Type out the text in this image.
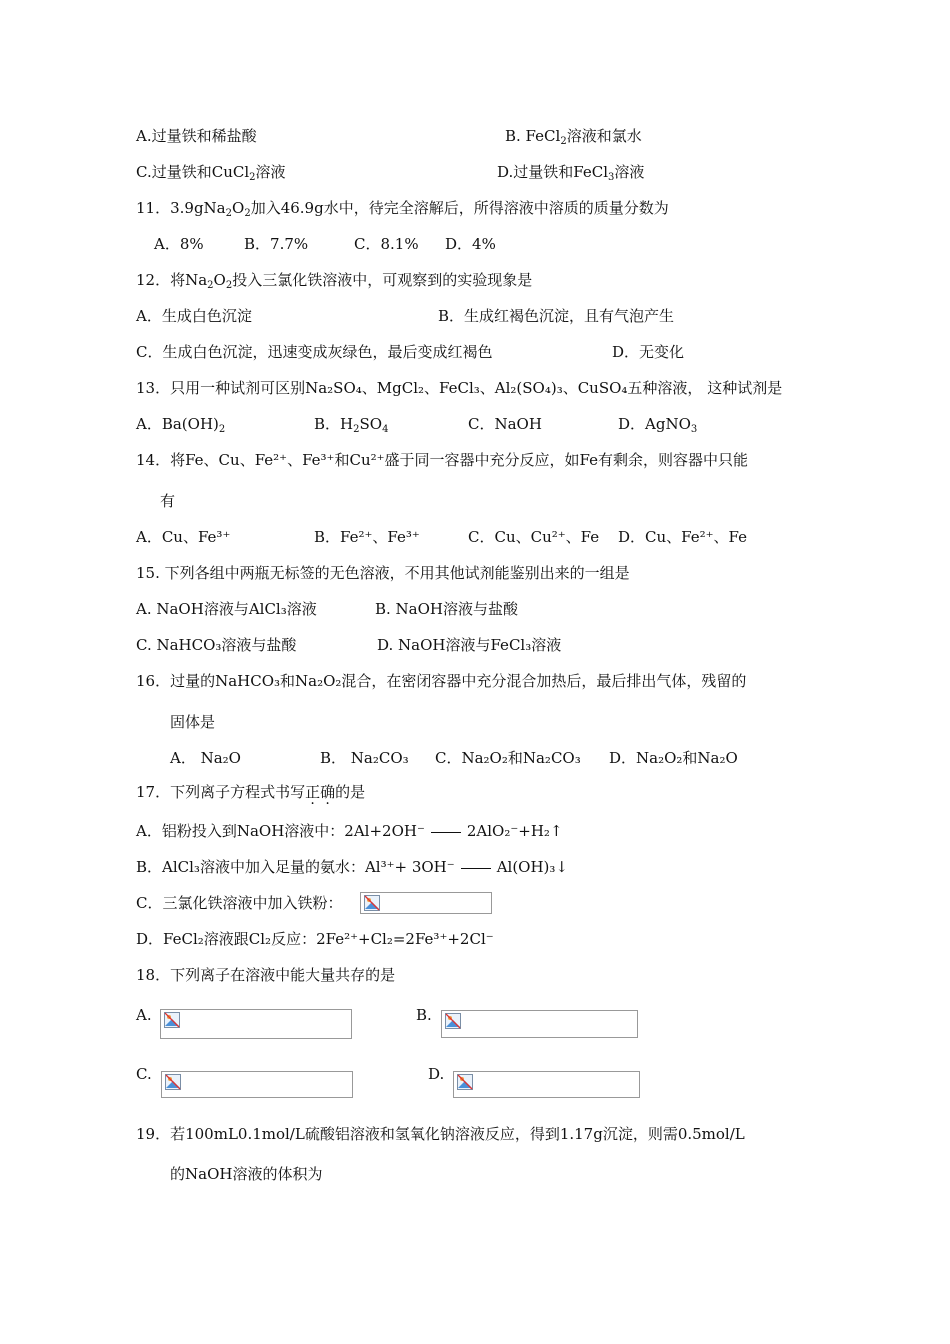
A.过量铁和稀盐酸	B. FeCl$_2$溶液和氯水
C.过量铁和CuCl$_2$溶液	D.过量铁和FeCl$_3$溶液
11．$3.9gNa_2O_2$加入46.9g水中，待完全溶解后，所得溶液中溶质的质量分数为
A．8%	B．7.7%	C．8.1% D．4%
12．将$Na_2O_2$投入三氯化铁溶液中，可观察到的实验现象是
A．生成白色沉淀	B．生成红褐色沉淀，且有气泡产生
C．生成白色沉淀，迅速变成灰绿色，最后变成红褐色	D．无变化
13．只用一种试剂可区别Na₂SO₄、MgCl₂、FeCl₃、Al₂(SO₄)₃、CuSO₄五种溶液， 这种试剂是
A．$Ba(OH)_2$	B．$H_2SO_4$	C．NaOH	D．AgNO$_3$
14．将Fe、Cu、Fe²⁺、Fe³⁺和Cu²⁺盛于同一容器中充分反应，如Fe有剩余，则容器中只能
有
A．Cu、Fe³⁺	B．Fe²⁺、Fe³⁺	C．Cu、Cu²⁺、Fe D．Cu、Fe²⁺、Fe
15. 下列各组中两瓶无标签的无色溶液，不用其他试剂能鉴别出来的一组是
A. NaOH溶液与AlCl₃溶液	B. NaOH溶液与盐酸
C. NaHCO₃溶液与盐酸	D. NaOH溶液与FeCl₃溶液
16．过量的NaHCO₃和Na₂O₂混合，在密闭容器中充分混合加热后，最后排出气体，残留的
固体是
A． Na₂O	B． Na₂CO₃ C．Na₂O₂和Na₂CO₃ D．Na₂O₂和Na₂O
17．下列离子方程式书写正确的是
A．铝粉投入到NaOH溶液中：2Al+2OH⁻	2AlO₂⁻+H₂↑
B．AlCl₃溶液中加入足量的氨水：Al³⁺+ 3OH⁻	Al(OH)₃↓
C．三氯化铁溶液中加入铁粉：
D．FeCl₂溶液跟Cl₂反应：2Fe²⁺+Cl₂=2Fe³⁺+2Cl⁻
18．下列离子在溶液中能大量共存的是
A.	B.
C.	D.
19．若100mL0.1mol/L硫酸铝溶液和氢氧化钠溶液反应，得到1.17g沉淀，则需0.5mol/L
的NaOH溶液的体积为
